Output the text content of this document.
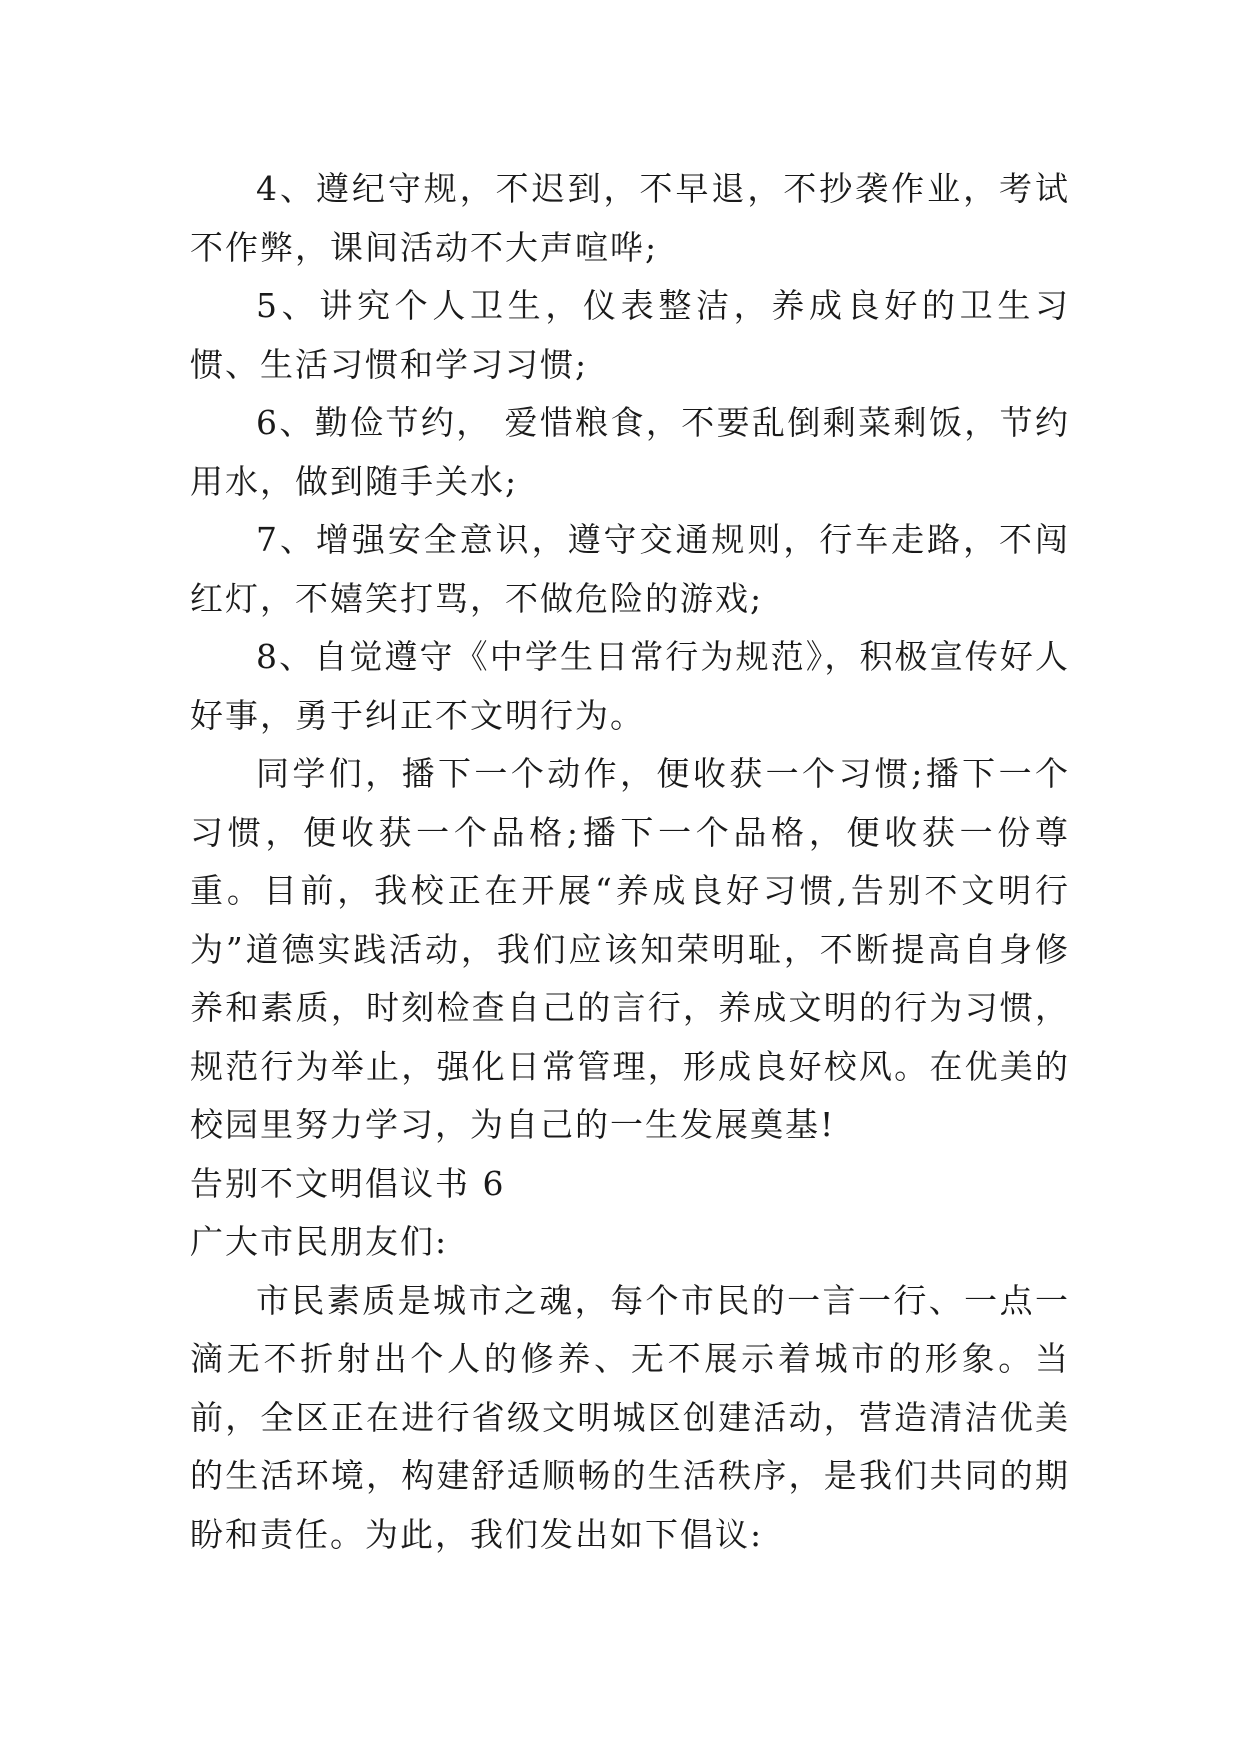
4、遵纪守规，不迟到，不早退，不抄袭作业，考试不作弊，课间活动不大声喧哗;

5、讲究个人卫生，仪表整洁，养成良好的卫生习惯、生活习惯和学习习惯;

6、勤俭节约， 爱惜粮食，不要乱倒剩菜剩饭，节约用水，做到随手关水;

7、增强安全意识，遵守交通规则，行车走路，不闯红灯，不嬉笑打骂，不做危险的游戏;

8、自觉遵守《中学生日常行为规范》，积极宣传好人好事，勇于纠正不文明行为。

同学们，播下一个动作，便收获一个习惯;播下一个习惯，便收获一个品格;播下一个品格，便收获一份尊重。目前，我校正在开展“养成良好习惯,告别不文明行为”道德实践活动，我们应该知荣明耻，不断提高自身修养和素质，时刻检查自己的言行，养成文明的行为习惯，规范行为举止，强化日常管理，形成良好校风。在优美的校园里努力学习，为自己的一生发展奠基!

告别不文明倡议书 6

广大市民朋友们:

市民素质是城市之魂，每个市民的一言一行、一点一滴无不折射出个人的修养、无不展示着城市的形象。当前，全区正在进行省级文明城区创建活动，营造清洁优美的生活环境，构建舒适顺畅的生活秩序，是我们共同的期盼和责任。为此，我们发出如下倡议:
